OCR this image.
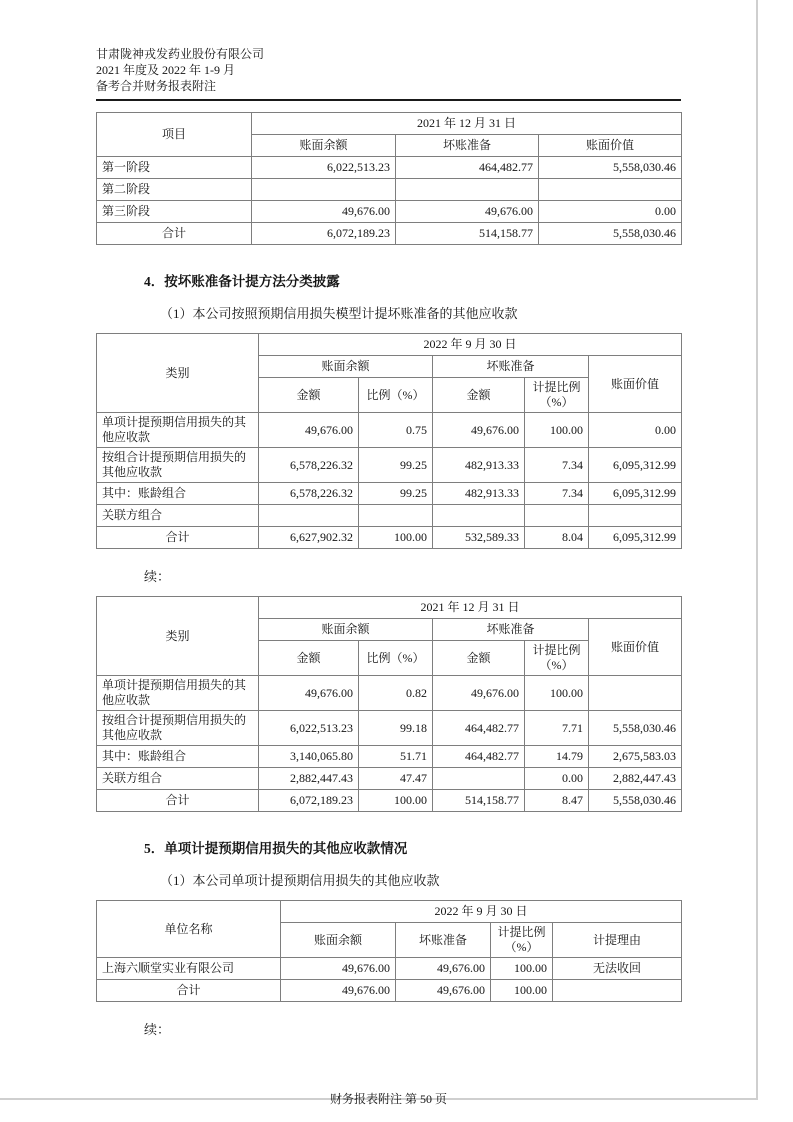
甘肃陇神戎发药业股份有限公司

2021 年度及 2022 年 1-9 月

备考合并财务报表附注

项目	2021 年 12 月 31 日		
	账面余额	坏账准备	账面价值
第一阶段	6,022,513.23	464,482.77	5,558,030.46
第二阶段			
第三阶段	49,676.00	49,676.00	0.00
合计	6,072,189.23	514,158.77	5,558,030.46
4．按坏账准备计提方法分类披露

（1）本公司按照预期信用损失模型计提坏账准备的其他应收款

类别	2022 年 9 月 30 日				
	账面余额		坏账准备		账面价值
	金额	比例（%）	金额	计提比例（%）	
单项计提预期信用损失的其他应收款	49,676.00	0.75	49,676.00	100.00	0.00
按组合计提预期信用损失的其他应收款	6,578,226.32	99.25	482,913.33	7.34	6,095,312.99
其中：账龄组合	6,578,226.32	99.25	482,913.33	7.34	6,095,312.99
关联方组合					
合计	6,627,902.32	100.00	532,589.33	8.04	6,095,312.99

续：

类别	2021 年 12 月 31 日				
	账面余额		坏账准备		账面价值
	金额	比例（%）	金额	计提比例（%）	
单项计提预期信用损失的其他应收款	49,676.00	0.82	49,676.00	100.00	
按组合计提预期信用损失的其他应收款	6,022,513.23	99.18	464,482.77	7.71	5,558,030.46
其中：账龄组合	3,140,065.80	51.71	464,482.77	14.79	2,675,583.03
关联方组合	2,882,447.43	47.47		0.00	2,882,447.43
合计	6,072,189.23	100.00	514,158.77	8.47	5,558,030.46
5．单项计提预期信用损失的其他应收款情况

（1）本公司单项计提预期信用损失的其他应收款

单位名称	2022 年 9 月 30 日			
	账面余额	坏账准备	计提比例（%）	计提理由
上海六顺堂实业有限公司	49,676.00	49,676.00	100.00	无法收回
合计	49,676.00	49,676.00	100.00	

续：

财务报表附注 第 50 页
